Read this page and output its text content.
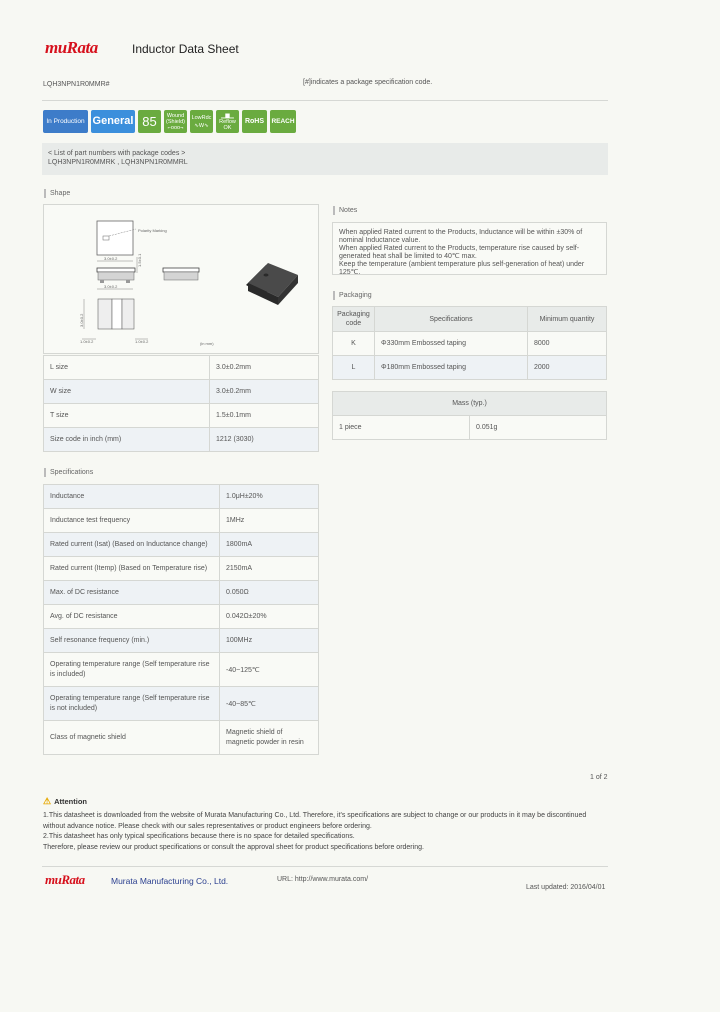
muRata	Inductor Data Sheet
LQH3NPN1R0MMR#	[#]indicates a package specification code.
In Production General 85	Wound
(Shield)
⌐ooo¬
LowRdc
∿W∿
▁▆▁
Reflow
OK
RoHS	REACH
< List of part numbers with package codes >
LQH3NPN1R0MMRK , LQH3NPN1R0MMRL
Shape
Polarity Marking
3.0±0.2
3.0±0.2
1.5±0.1
3.0±0.2
1.0±0.2	1.0±0.2	(in mm)
L size	3.0±0.2mm
W size	3.0±0.2mm
T size	1.5±0.1mm
Size code in inch (mm)	1212 (3030)
Specifications
Inductance	1.0μH±20%
Inductance test frequency	1MHz
Rated current (Isat) (Based on Inductance change)	1800mA
Rated current (Itemp) (Based on Temperature rise)	2150mA
Max. of DC resistance	0.050Ω
Avg. of DC resistance	0.042Ω±20%
Self resonance frequency (min.)	100MHz
Operating temperature range (Self temperature rise is included)	-40~125℃
Operating temperature range (Self temperature rise is not included)	-40~85℃
Class of magnetic shield	Magnetic shield of magnetic powder in resin
Notes
When applied Rated current to the Products, Inductance will be within ±30% of nominal Inductance value.
When applied Rated current to the Products, temperature rise caused by self-generated heat shall be limited to 40℃ max.
Keep the temperature (ambient temperature plus self-generation of heat) under 125℃.
Packaging
Packaging code	Specifications	Minimum quantity
K	Φ330mm Embossed taping	8000
L	Φ180mm Embossed taping	2000
Mass (typ.)
1 piece	0.051g
1 of 2
⚠ Attention
1.This datasheet is downloaded from the website of Murata Manufacturing Co., Ltd. Therefore, it's specifications are subject to change or our products in it may be discontinued
without advance notice. Please check with our sales representatives or product engineers before ordering.
2.This datasheet has only typical specifications because there is no space for detailed specifications.
Therefore, please review our product specifications or consult the approval sheet for product specifications before ordering.
muRata	Murata Manufacturing Co., Ltd.	URL: http://www.murata.com/
Last updated: 2016/04/01
